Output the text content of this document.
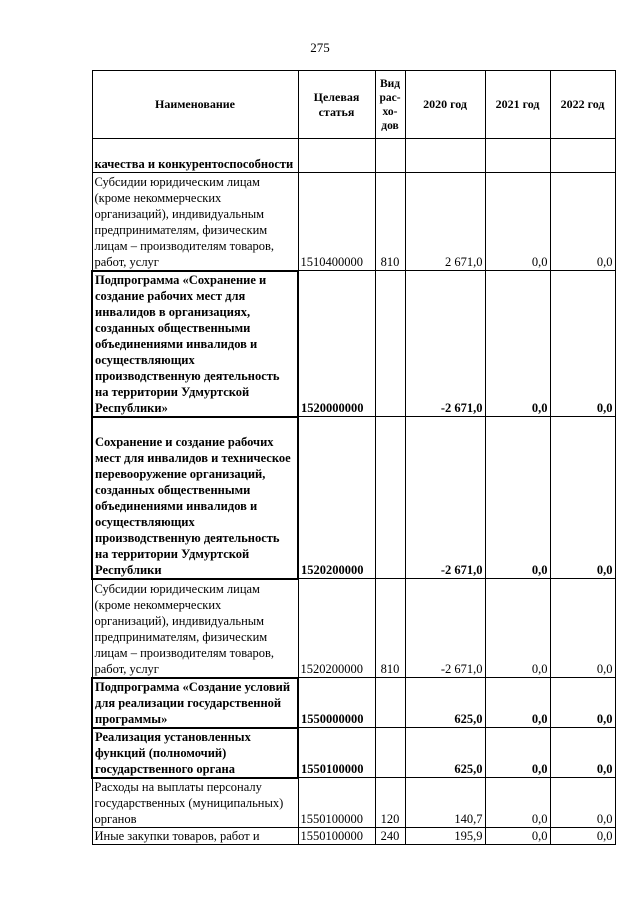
275
Наименование	Целевая статья	Вид рас-хо-дов	2020 год	2021 год	2022 год
качества и конкурентоспособности					
Субсидии юридическим лицам (кроме некоммерческих организаций), индивидуальным предпринимателям, физическим лицам – производителям товаров, работ, услуг	1510400000	810	2 671,0	0,0	0,0
Подпрограмма «Сохранение и создание рабочих мест для инвалидов в организациях, созданных общественными объединениями инвалидов и осуществляющих производственную деятельность на территории Удмуртской Республики»	1520000000		-2 671,0	0,0	0,0
Сохранение и создание рабочих мест для инвалидов и техническое перевооружение организаций, созданных общественными объединениями инвалидов и осуществляющих производственную деятельность на территории Удмуртской Республики	1520200000		-2 671,0	0,0	0,0
Субсидии юридическим лицам (кроме некоммерческих организаций), индивидуальным предпринимателям, физическим лицам – производителям товаров, работ, услуг	1520200000	810	-2 671,0	0,0	0,0
Подпрограмма «Создание условий для реализации государственной программы»	1550000000		625,0	0,0	0,0
Реализация установленных функций (полномочий) государственного органа	1550100000		625,0	0,0	0,0
Расходы на выплаты персоналу государственных (муниципальных) органов	1550100000	120	140,7	0,0	0,0
Иные закупки товаров, работ и	1550100000	240	195,9	0,0	0,0
